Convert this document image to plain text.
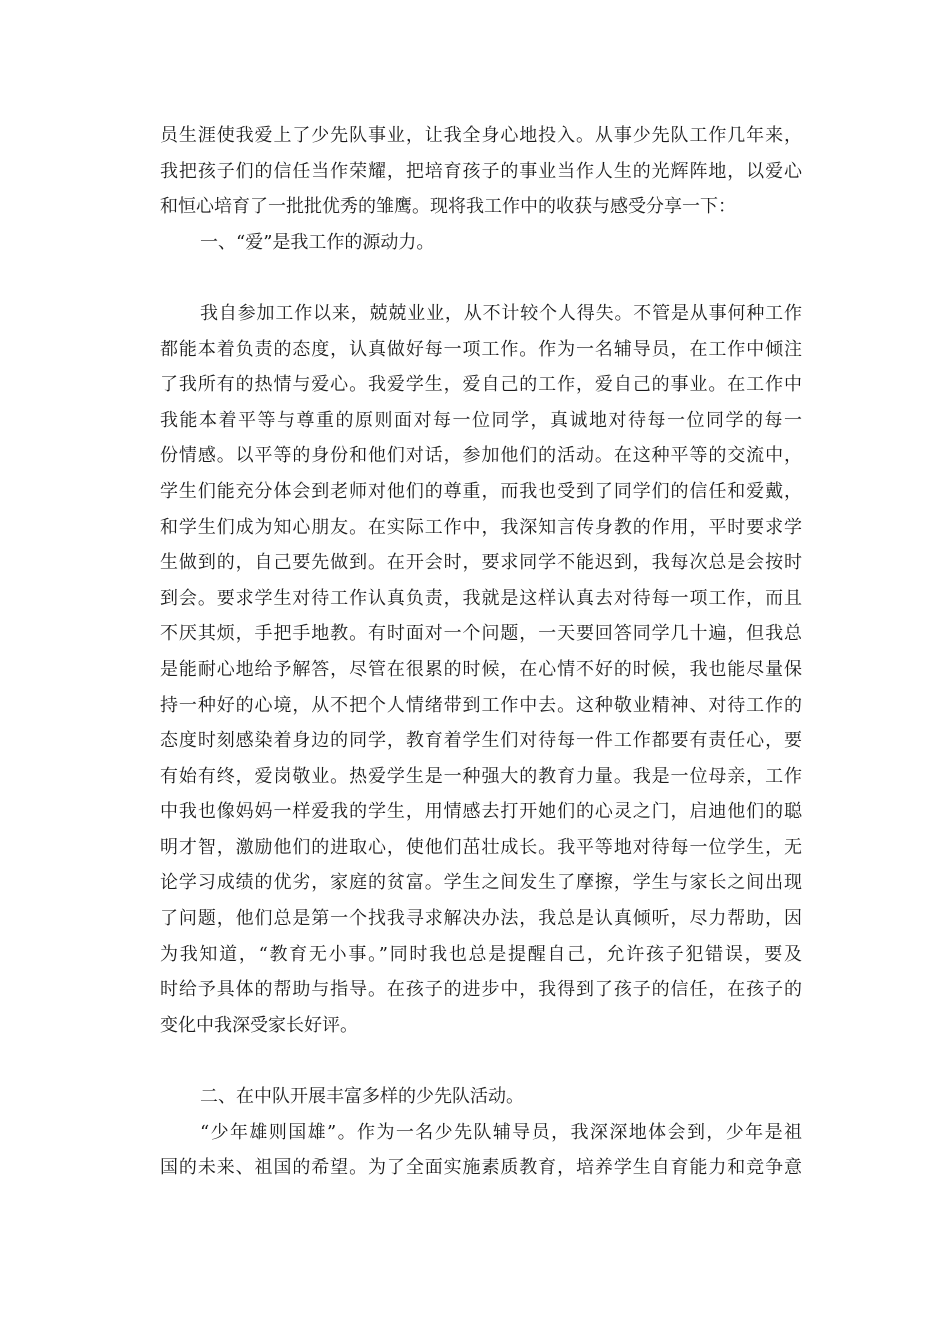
员生涯使我爱上了少先队事业，让我全身心地投入。从事少先队工作几年来，
我把孩子们的信任当作荣耀，把培育孩子的事业当作人生的光辉阵地，以爱心
和恒心培育了一批批优秀的雏鹰。现将我工作中的收获与感受分享一下：
一、“爱”是我工作的源动力。
我自参加工作以来，兢兢业业，从不计较个人得失。不管是从事何种工作
都能本着负责的态度，认真做好每一项工作。作为一名辅导员，在工作中倾注
了我所有的热情与爱心。我爱学生，爱自己的工作，爱自己的事业。在工作中
我能本着平等与尊重的原则面对每一位同学，真诚地对待每一位同学的每一
份情感。以平等的身份和他们对话，参加他们的活动。在这种平等的交流中，
学生们能充分体会到老师对他们的尊重，而我也受到了同学们的信任和爱戴，
和学生们成为知心朋友。在实际工作中，我深知言传身教的作用，平时要求学
生做到的，自己要先做到。在开会时，要求同学不能迟到，我每次总是会按时
到会。要求学生对待工作认真负责，我就是这样认真去对待每一项工作，而且
不厌其烦，手把手地教。有时面对一个问题，一天要回答同学几十遍，但我总
是能耐心地给予解答，尽管在很累的时候，在心情不好的时候，我也能尽量保
持一种好的心境，从不把个人情绪带到工作中去。这种敬业精神、对待工作的
态度时刻感染着身边的同学，教育着学生们对待每一件工作都要有责任心，要
有始有终，爱岗敬业。热爱学生是一种强大的教育力量。我是一位母亲，工作
中我也像妈妈一样爱我的学生，用情感去打开她们的心灵之门，启迪他们的聪
明才智，激励他们的进取心，使他们茁壮成长。我平等地对待每一位学生，无
论学习成绩的优劣，家庭的贫富。学生之间发生了摩擦，学生与家长之间出现
了问题，他们总是第一个找我寻求解决办法，我总是认真倾听，尽力帮助，因
为我知道，“教育无小事。”同时我也总是提醒自己，允许孩子犯错误，要及
时给予具体的帮助与指导。在孩子的进步中，我得到了孩子的信任，在孩子的
变化中我深受家长好评。
二、在中队开展丰富多样的少先队活动。
“少年雄则国雄”。作为一名少先队辅导员，我深深地体会到，少年是祖
国的未来、祖国的希望。为了全面实施素质教育，培养学生自育能力和竞争意
